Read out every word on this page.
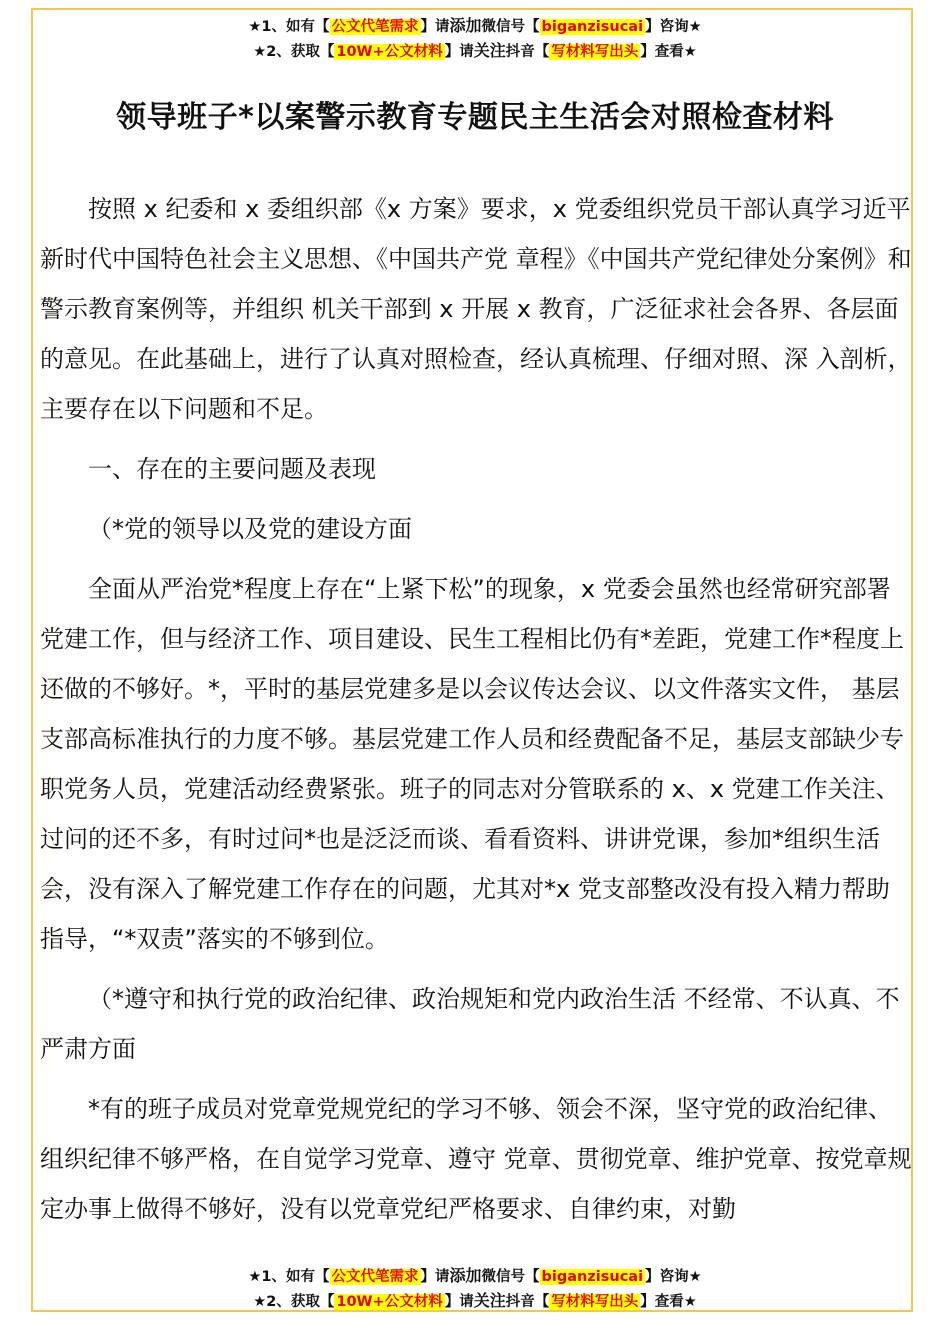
★1、如有【 公文代笔需求 】请添加微信号【 biganzisucai 】咨询★
★2、获取【 10W+公文材料 】请关注抖音【 写材料写出头 】查看★
领导班子*以案警示教育专题民主生活会对照检查材料

按照 x 纪委和 x 委组织部《x 方案》要求，x 党委组织党员干部认真学习近平新时代中国特色社会主义思想、《中国共产党 章程》《中国共产党纪律处分案例》和警示教育案例等，并组织 机关干部到 x 开展 x 教育，广泛征求社会各界、各层面的意见。在此基础上，进行了认真对照检查，经认真梳理、仔细对照、深 入剖析，主要存在以下问题和不足。

一、存在的主要问题及表现

（*党的领导以及党的建设方面

全面从严治党*程度上存在“上紧下松”的现象，x 党委会虽然也经常研究部署党建工作，但与经济工作、项目建设、民生工程相比仍有*差距，党建工作*程度上还做的不够好。*，平时的基层党建多是以会议传达会议、以文件落实文件， 基层支部高标准执行的力度不够。基层党建工作人员和经费配备不足，基层支部缺少专职党务人员，党建活动经费紧张。班子的同志对分管联系的 x、x 党建工作关注、过问的还不多，有时过问*也是泛泛而谈、看看资料、讲讲党课，参加*组织生活会，没有深入了解党建工作存在的问题，尤其对*x 党支部整改没有投入精力帮助指导，“*双责”落实的不够到位。

（*遵守和执行党的政治纪律、政治规矩和党内政治生活 不经常、不认真、不严肃方面

*有的班子成员对党章党规党纪的学习不够、领会不深，坚守党的政治纪律、组织纪律不够严格，在自觉学习党章、遵守 党章、贯彻党章、维护党章、按党章规定办事上做得不够好，没有以党章党纪严格要求、自律约束，对勤

★1、如有【 公文代笔需求 】请添加微信号【 biganzisucai 】咨询★
★2、获取【 10W+公文材料 】请关注抖音【 写材料写出头 】查看★
